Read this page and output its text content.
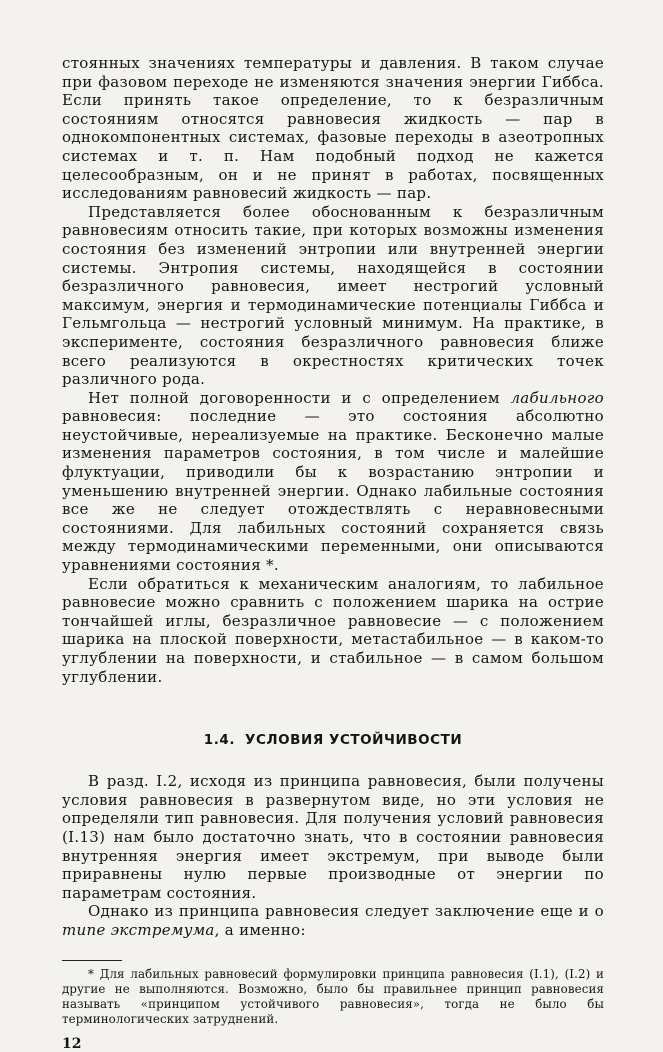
стоянных значениях температуры и давления. В таком случае при фазовом переходе не изменяются значения энергии Гиббса. Если принять такое определение, то к безразличным состояниям относятся равновесия жидкость — пар в однокомпонентных системах, фазовые переходы в азеотропных системах и т. п. Нам подобный подход не кажется целесообразным, он и не принят в работах, посвященных исследованиям равновесий жидкость — пар.

Представляется более обоснованным к безразличным равновесиям относить такие, при которых возможны изменения состояния без изменений энтропии или внутренней энергии системы. Энтропия системы, находящейся в состоянии безразличного равновесия, имеет нестрогий условный максимум, энергия и термодинамические потенциалы Гиббса и Гельмгольца — нестрогий условный минимум. На практике, в эксперименте, состояния безразличного равновесия ближе всего реализуются в окрестностях критических точек различного рода.

Нет полной договоренности и с определением лабильного равновесия: последние — это состояния абсолютно неустойчивые, нереализуемые на практике. Бесконечно малые изменения параметров состояния, в том числе и малейшие флуктуации, приводили бы к возрастанию энтропии и уменьшению внутренней энергии. Однако лабильные состояния все же не следует отождествлять с неравновесными состояниями. Для лабильных состояний сохраняется связь между термодинамическими переменными, они описываются уравнениями состояния *.

Если обратиться к механическим аналогиям, то лабильное равновесие можно сравнить с положением шарика на острие тончайшей иглы, безразличное равновесие — с положением шарика на плоской поверхности, метастабильное — в каком-то углублении на поверхности, и стабильное — в самом большом углублении.

1.4. УСЛОВИЯ УСТОЙЧИВОСТИ

В разд. I.2, исходя из принципа равновесия, были получены условия равновесия в развернутом виде, но эти условия не определяли тип равновесия. Для получения условий равновесия (I.13) нам было достаточно знать, что в состоянии равновесия внутренняя энергия имеет экстремум, при выводе были приравнены нулю первые производные от энергии по параметрам состояния.

Однако из принципа равновесия следует заключение еще и о типе экстремума, а именно:

* Для лабильных равновесий формулировки принципа равновесия (I.1), (I.2) и другие не выполняются. Возможно, было бы правильнее принцип равновесия называть «принципом устойчивого равновесия», тогда не было бы терминологических затруднений.

12
